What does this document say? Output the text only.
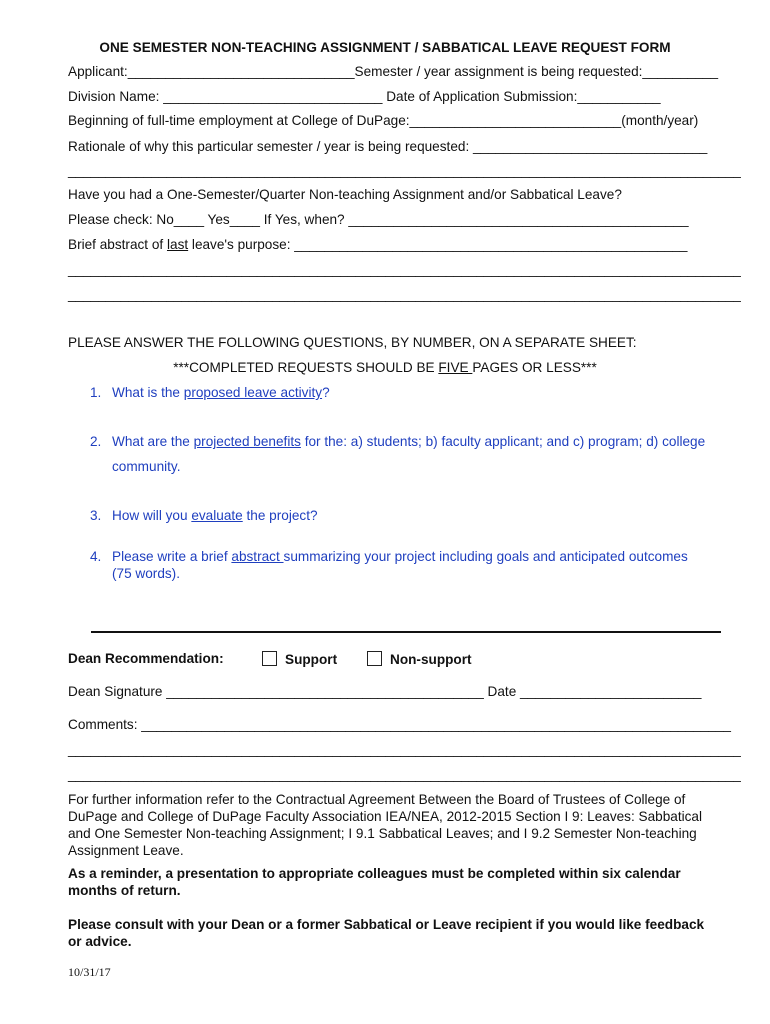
ONE SEMESTER NON-TEACHING ASSIGNMENT / SABBATICAL LEAVE REQUEST FORM
Applicant:______________________________Semester / year assignment is being requested:__________
Division Name: _____________________________ Date of Application Submission:___________
Beginning of full-time employment at College of DuPage:____________________________(month/year)
Rationale of why this particular semester / year is being requested: _______________________________
_________________________________________________________________________________________
Have you had a One-Semester/Quarter Non-teaching Assignment and/or Sabbatical Leave?
Please check: No____ Yes____ If Yes, when? _____________________________________________
Brief abstract of last leave's purpose: ____________________________________________________
_________________________________________________________________________________________
_________________________________________________________________________________________
PLEASE ANSWER THE FOLLOWING QUESTIONS, BY NUMBER, ON A SEPARATE SHEET:
***COMPLETED REQUESTS SHOULD BE FIVE PAGES OR LESS***
1. What is the proposed leave activity?
2. What are the projected benefits for the: a) students; b) faculty applicant; and c) program; d) college
community.
3. How will you evaluate the project?
4. Please write a brief abstract summarizing your project including goals and anticipated outcomes
(75 words).
Dean Recommendation:	Support	Non-support
Dean Signature __________________________________________ Date ________________________
Comments: ______________________________________________________________________________
_________________________________________________________________________________________
_________________________________________________________________________________________
For further information refer to the Contractual Agreement Between the Board of Trustees of College of
DuPage and College of DuPage Faculty Association IEA/NEA, 2012-2015 Section I 9: Leaves: Sabbatical
and One Semester Non-teaching Assignment; I 9.1 Sabbatical Leaves; and I 9.2 Semester Non-teaching
Assignment Leave.
As a reminder, a presentation to appropriate colleagues must be completed within six calendar
months of return.
Please consult with your Dean or a former Sabbatical or Leave recipient if you would like feedback
or advice.
10/31/17
